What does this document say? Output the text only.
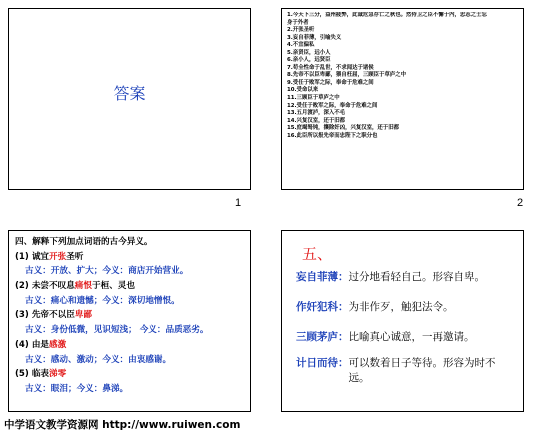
答案
1
1.今天下三分，益州疲弊，此诚危急存亡之秋也。然侍卫之臣不懈于内，忠志之士忘
身于外者
2.开张圣听
3.妄自菲薄，引喻失义
4.不宜偏私
5.亲贤臣，远小人
6.亲小人，远贤臣
7.苟全性命于乱世，不求闻达于诸侯
8.先帝不以臣卑鄙，猥自枉屈，三顾臣于草庐之中
9.受任于败军之际，奉命于危难之间
10.受命以来
11.三顾臣于草庐之中
12.受任于败军之际，奉命于危难之间
13.五月渡泸，深入不毛
14.兴复汉室，还于旧都
15.庶竭驽钝，攘除奸凶，兴复汉室，还于旧都
16.此臣所以报先帝而忠陛下之职分也
2
四、解释下列加点词语的古今异义。
(1) 诚宜开张圣听
古义：开放、扩大；今义：商店开始营业。
(2) 未尝不叹息痛恨于桓、灵也
古义：痛心和遗憾；今义：深切地憎恨。
(3) 先帝不以臣卑鄙
古义：身份低微，见识短浅； 今义：品质恶劣。
(4) 由是感激
古义：感动、激动；今义：由衷感谢。
(5) 临表涕零
古义：眼泪；今义：鼻涕。
五、
妄自菲薄：过分地看轻自己。形容自卑。
作奸犯科：为非作歹，触犯法令。
三顾茅庐：比喻真心诚意，一再邀请。
计日而待：可以数着日子等待。形容为时不远。
中学语文教学资源网 http://www.ruiwen.com
